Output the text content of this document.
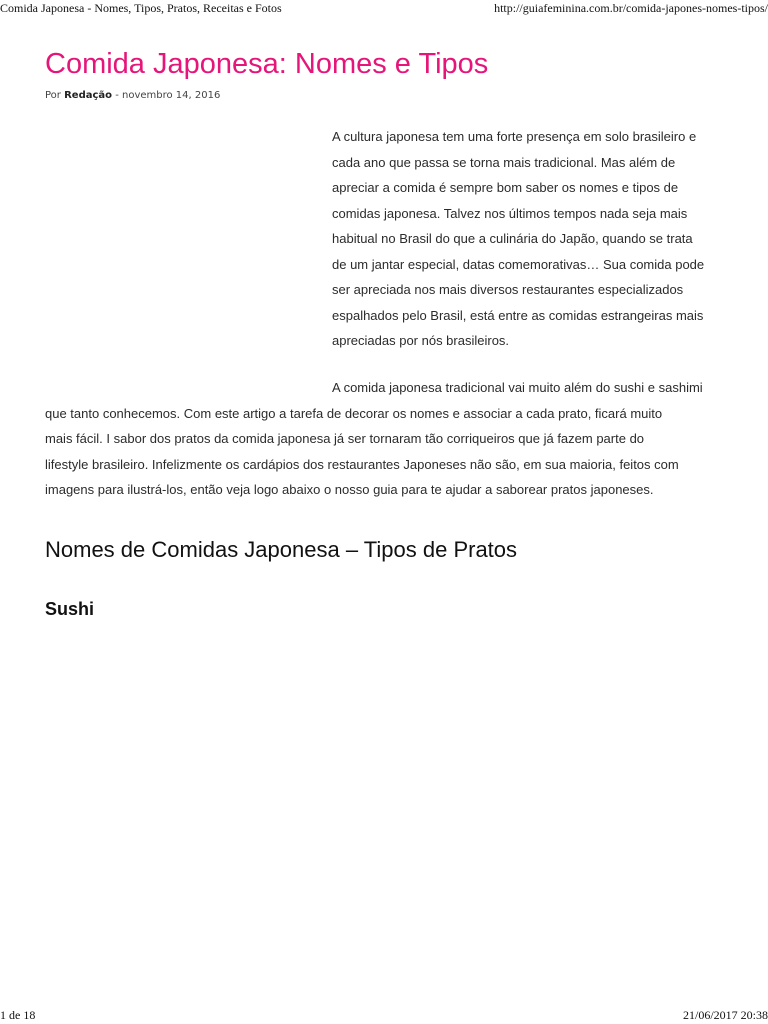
Comida Japonesa - Nomes, Tipos, Pratos, Receitas e Fotos	http://guiafeminina.com.br/comida-japones-nomes-tipos/
Comida Japonesa: Nomes e Tipos
Por Redação - novembro 14, 2016
A cultura japonesa tem uma forte presença em solo brasileiro e
cada ano que passa se torna mais tradicional. Mas além de
apreciar a comida é sempre bom saber os nomes e tipos de
comidas japonesa. Talvez nos últimos tempos nada seja mais
habitual no Brasil do que a culinária do Japão, quando se trata
de um jantar especial, datas comemorativas… Sua comida pode
ser apreciada nos mais diversos restaurantes especializados
espalhados pelo Brasil, está entre as comidas estrangeiras mais
apreciadas por nós brasileiros.
A comida japonesa tradicional vai muito além do sushi e sashimi
que tanto conhecemos. Com este artigo a tarefa de decorar os nomes e associar a cada prato, ficará muito
mais fácil. I sabor dos pratos da comida japonesa já ser tornaram tão corriqueiros que já fazem parte do
lifestyle brasileiro. Infelizmente os cardápios dos restaurantes Japoneses não são, em sua maioria, feitos com
imagens para ilustrá-los, então veja logo abaixo o nosso guia para te ajudar a saborear pratos japoneses.
Nomes de Comidas Japonesa – Tipos de Pratos
Sushi
1 de 18	21/06/2017 20:38
